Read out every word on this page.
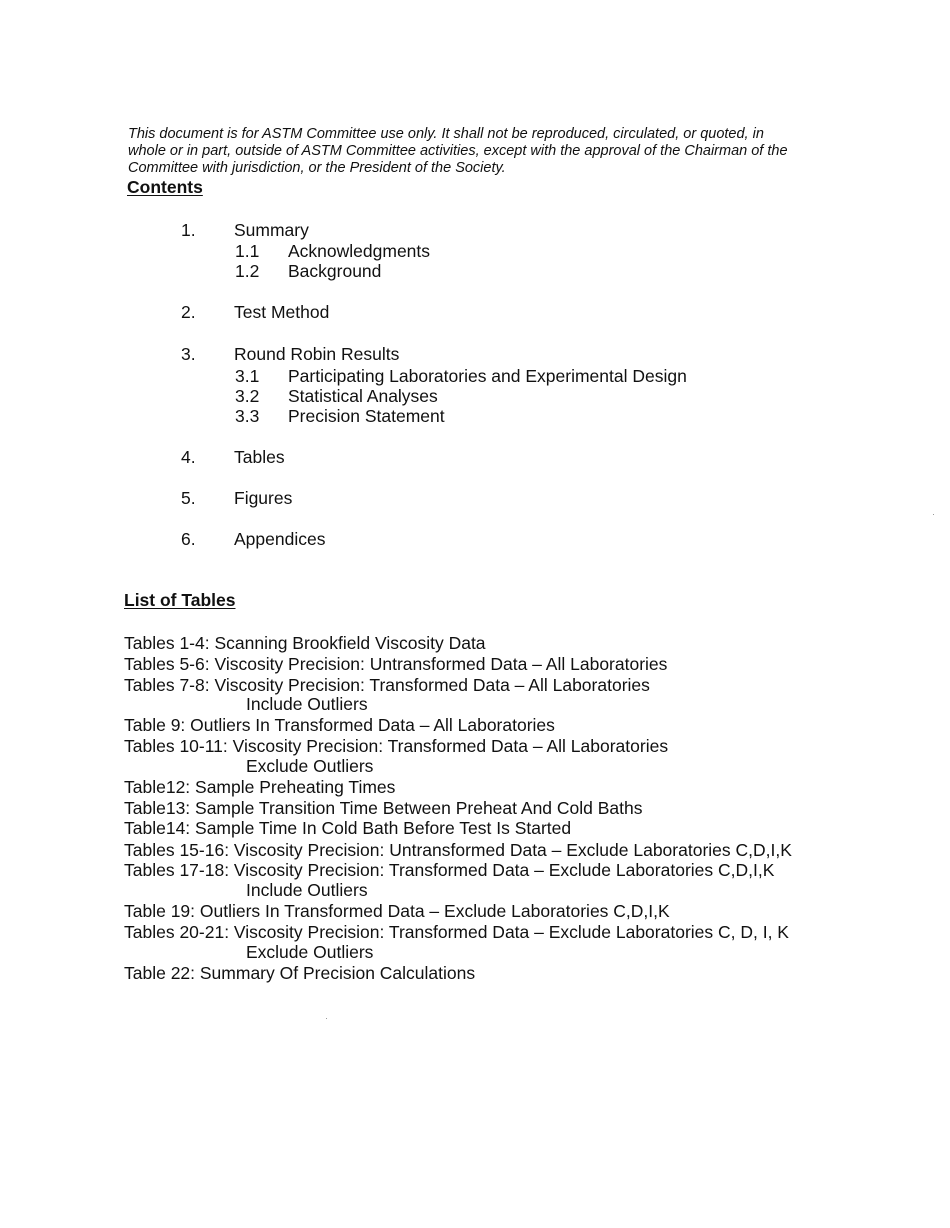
This document is for ASTM Committee use only. It shall not be reproduced, circulated, or quoted, in
whole or in part, outside of ASTM Committee activities, except with the approval of the Chairman of the
Committee with jurisdiction, or the President of the Society.
Contents
1. Summary
1.1 Acknowledgments
1.2 Background
2. Test Method
3. Round Robin Results
3.1 Participating Laboratories and Experimental Design
3.2 Statistical Analyses
3.3 Precision Statement
4. Tables
5. Figures
6. Appendices
List of Tables
Tables 1-4: Scanning Brookfield Viscosity Data
Tables 5-6: Viscosity Precision: Untransformed Data – All Laboratories
Tables 7-8: Viscosity Precision: Transformed Data – All Laboratories
Include Outliers
Table 9: Outliers In Transformed Data – All Laboratories
Tables 10-11: Viscosity Precision: Transformed Data – All Laboratories
Exclude Outliers
Table12: Sample Preheating Times
Table13: Sample Transition Time Between Preheat And Cold Baths
Table14: Sample Time In Cold Bath Before Test Is Started
Tables 15-16: Viscosity Precision: Untransformed Data – Exclude Laboratories C,D,I,K
Tables 17-18: Viscosity Precision: Transformed Data – Exclude Laboratories C,D,I,K
Include Outliers
Table 19: Outliers In Transformed Data – Exclude Laboratories C,D,I,K
Tables 20-21: Viscosity Precision: Transformed Data – Exclude Laboratories C, D, I, K
Exclude Outliers
Table 22: Summary Of Precision Calculations
